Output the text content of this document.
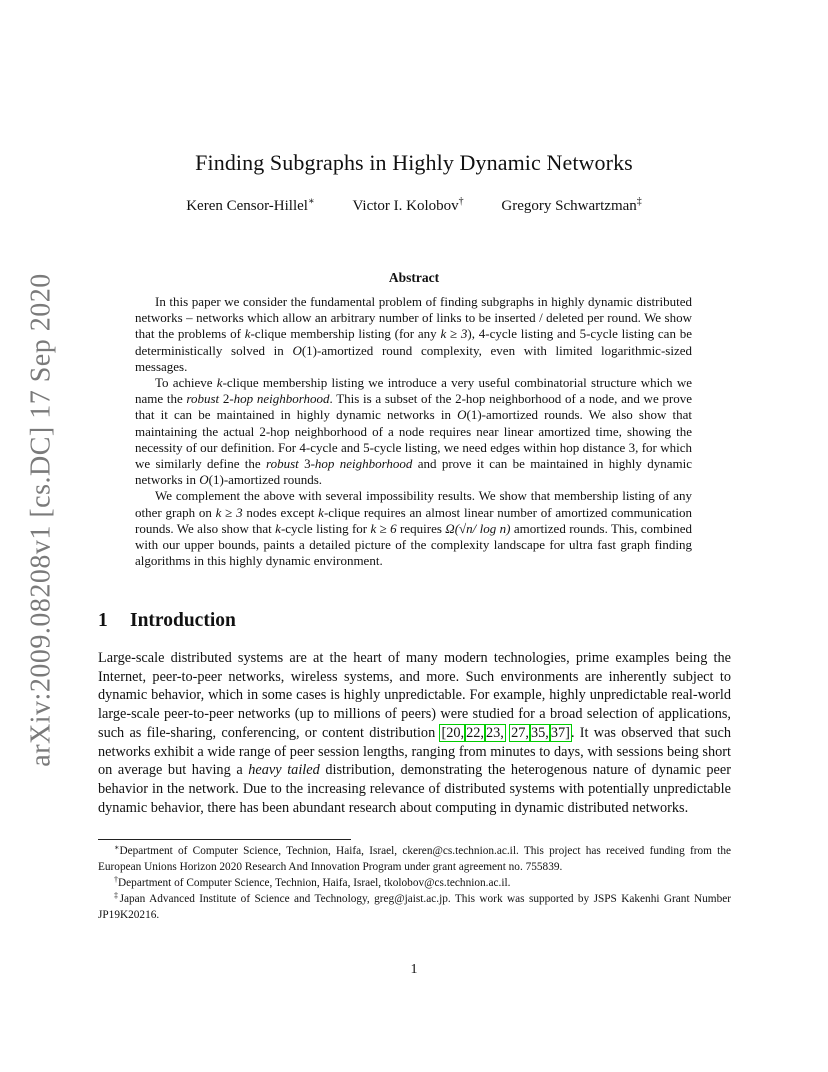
arXiv:2009.08208v1 [cs.DC] 17 Sep 2020
Finding Subgraphs in Highly Dynamic Networks
Keren Censor-Hillel∗	Victor I. Kolobov†	Gregory Schwartzman‡
Abstract

In this paper we consider the fundamental problem of finding subgraphs in highly dynamic distributed networks – networks which allow an arbitrary number of links to be inserted / deleted per round. We show that the problems of k-clique membership listing (for any k ≥ 3), 4-cycle listing and 5-cycle listing can be deterministically solved in O(1)-amortized round complexity, even with limited logarithmic-sized messages.

To achieve k-clique membership listing we introduce a very useful combinatorial structure which we name the robust 2-hop neighborhood. This is a subset of the 2-hop neighborhood of a node, and we prove that it can be maintained in highly dynamic networks in O(1)-amortized rounds. We also show that maintaining the actual 2-hop neighborhood of a node requires near linear amortized time, showing the necessity of our definition. For 4-cycle and 5-cycle listing, we need edges within hop distance 3, for which we similarly define the robust 3-hop neighborhood and prove it can be maintained in highly dynamic networks in O(1)-amortized rounds.

We complement the above with several impossibility results. We show that membership listing of any other graph on k ≥ 3 nodes except k-clique requires an almost linear number of amortized communication rounds. We also show that k-cycle listing for k ≥ 6 requires Ω(√n/ log n) amortized rounds. This, combined with our upper bounds, paints a detailed picture of the complexity landscape for ultra fast graph finding algorithms in this highly dynamic environment.

1 Introduction

Large-scale distributed systems are at the heart of many modern technologies, prime examples being the Internet, peer-to-peer networks, wireless systems, and more. Such environments are inherently subject to dynamic behavior, which in some cases is highly unpredictable. For example, highly unpredictable real-world large-scale peer-to-peer networks (up to millions of peers) were studied for a broad selection of applications, such as file-sharing, conferencing, or content distribution [20, 22, 23, 27, 35, 37]. It was observed that such networks exhibit a wide range of peer session lengths, ranging from minutes to days, with sessions being short on average but having a heavy tailed distribution, demonstrating the heterogenous nature of dynamic peer behavior in the network. Due to the increasing relevance of distributed systems with potentially unpredictable dynamic behavior, there has been abundant research about computing in dynamic distributed networks.

∗Department of Computer Science, Technion, Haifa, Israel, ckeren@cs.technion.ac.il. This project has received funding from the European Unions Horizon 2020 Research And Innovation Program under grant agreement no. 755839.

†Department of Computer Science, Technion, Haifa, Israel, tkolobov@cs.technion.ac.il.

‡Japan Advanced Institute of Science and Technology, greg@jaist.ac.jp. This work was supported by JSPS Kakenhi Grant Number JP19K20216.

1
